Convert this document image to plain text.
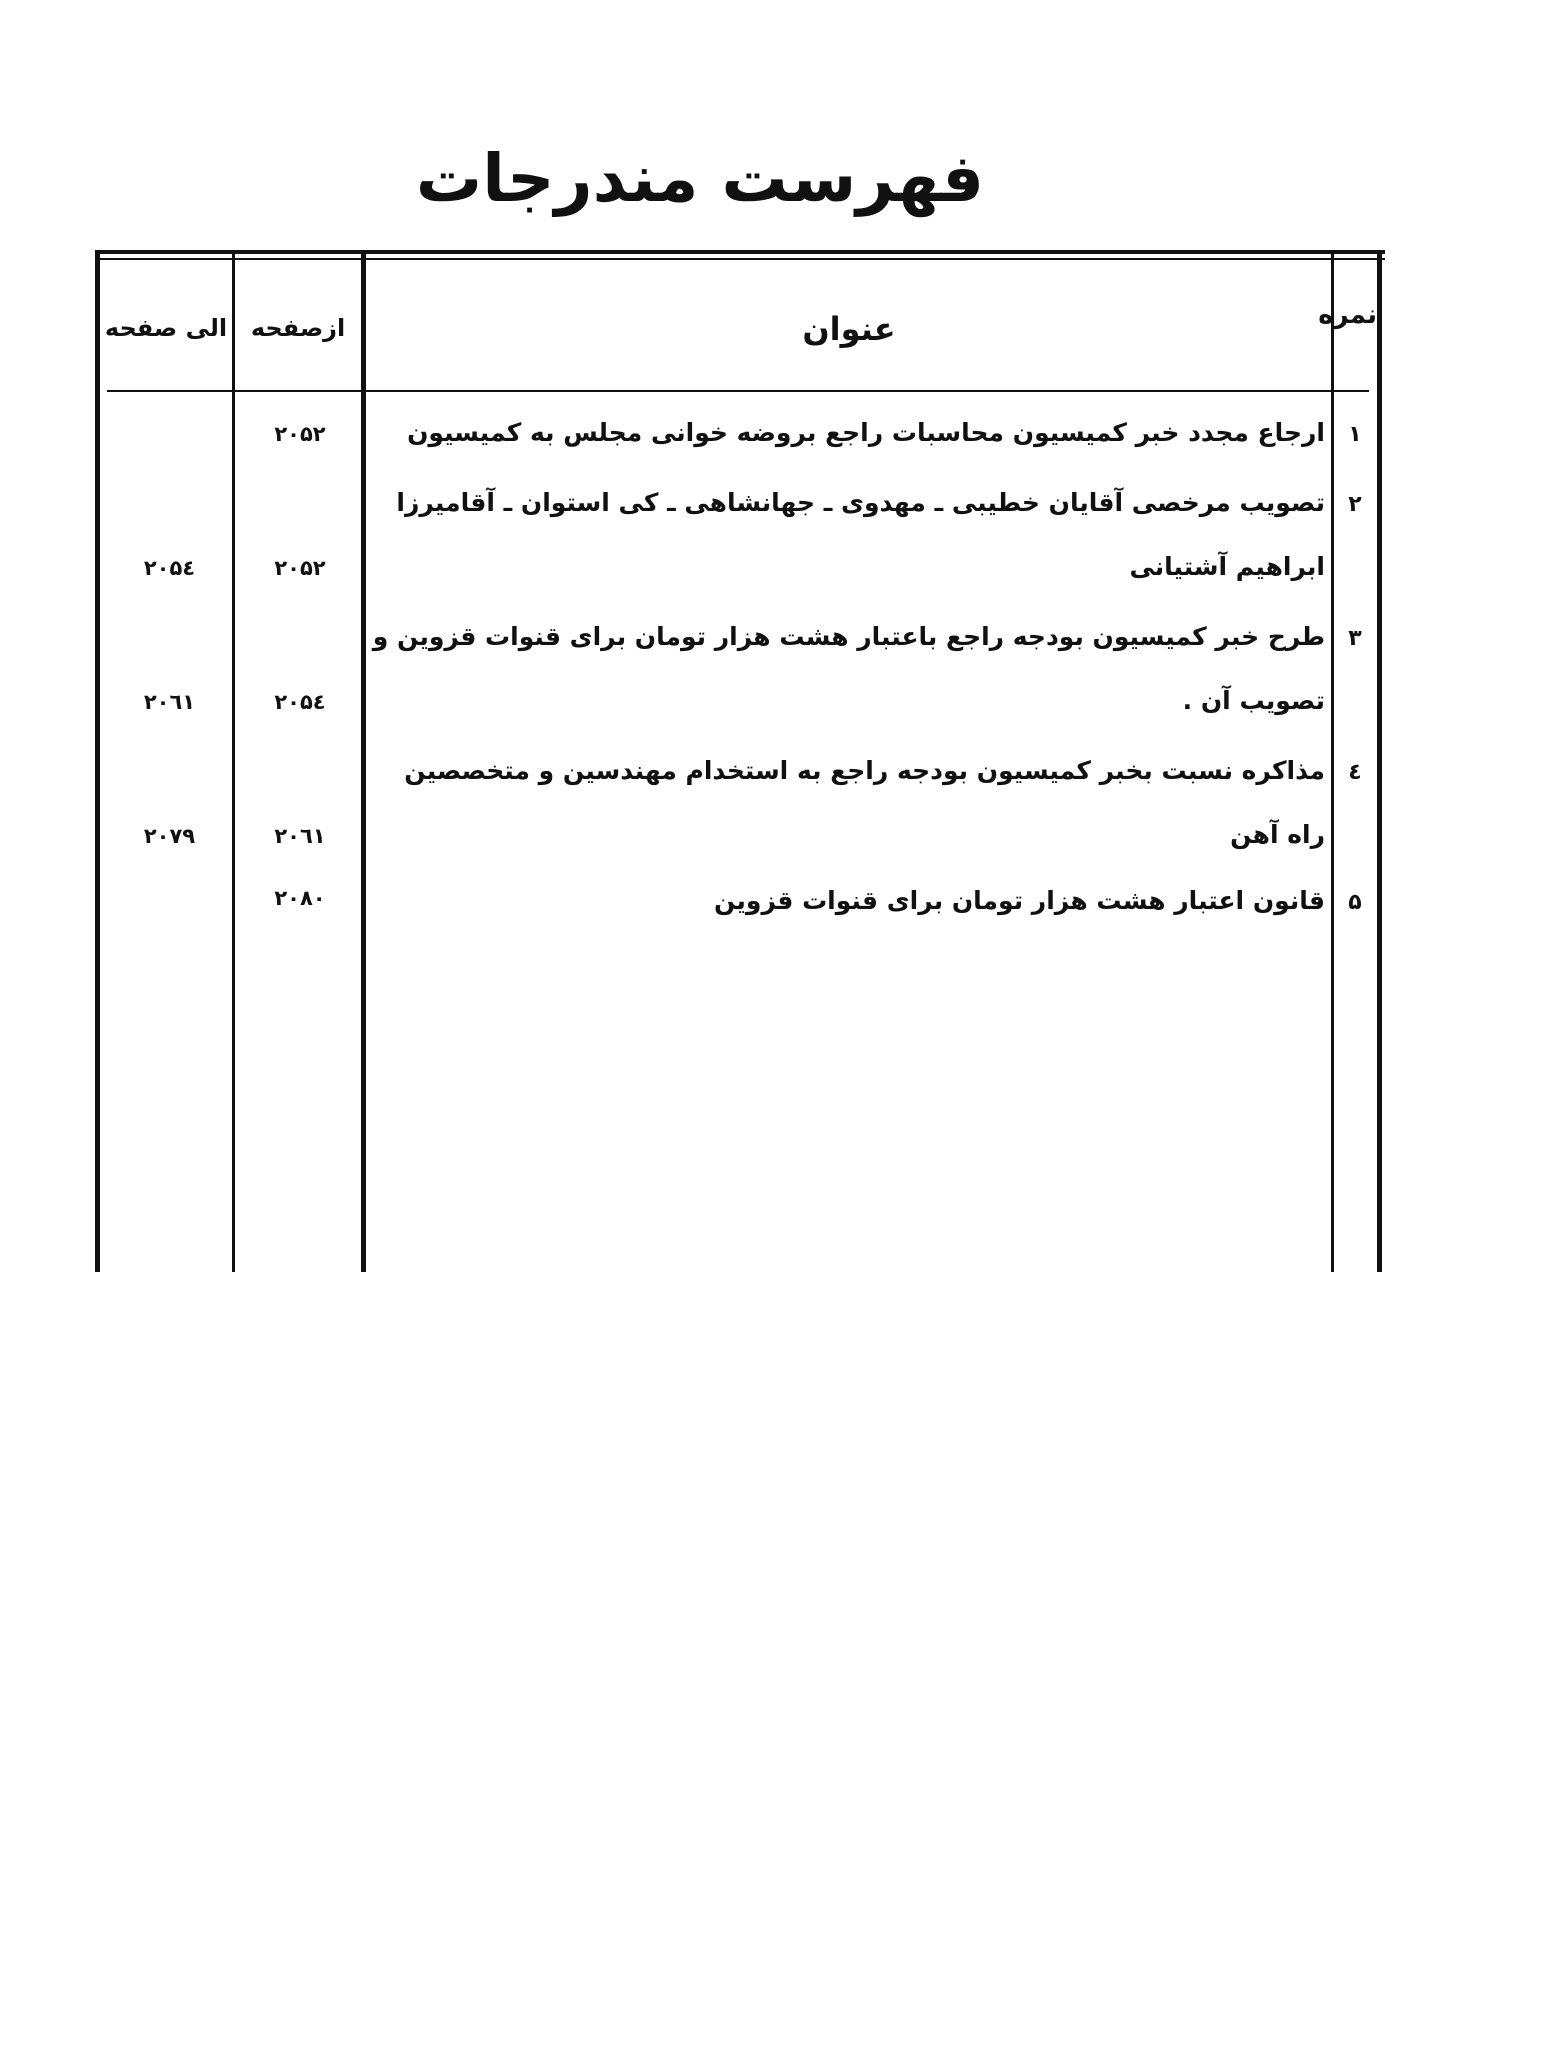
فهرست مندرجات
نمره
عنوان
ازصفحه
الی صفحه
۱
ارجاع مجدد خبر کمیسیون محاسبات راجع بروضه خوانی مجلس به کمیسیون
۲۰۵۲
۲
تصویب مرخصی آقایان خطیبی ـ مهدوی ـ جهانشاهی ـ کی استوان ـ آقامیرزا
ابراهیم آشتیانی
۲۰۵۲
۲۰۵٤
۳
طرح خبر کمیسیون بودجه راجع باعتبار هشت هزار تومان برای قنوات قزوین و
تصویب آن .
۲۰۵٤
۲۰٦۱
٤
مذاکره نسبت بخبر کمیسیون بودجه راجع به استخدام مهندسین و متخصصین
راه آهن
۲۰٦۱
۲۰۷۹
۵
قانون اعتبار هشت هزار تومان برای قنوات قزوین
۲۰۸۰
